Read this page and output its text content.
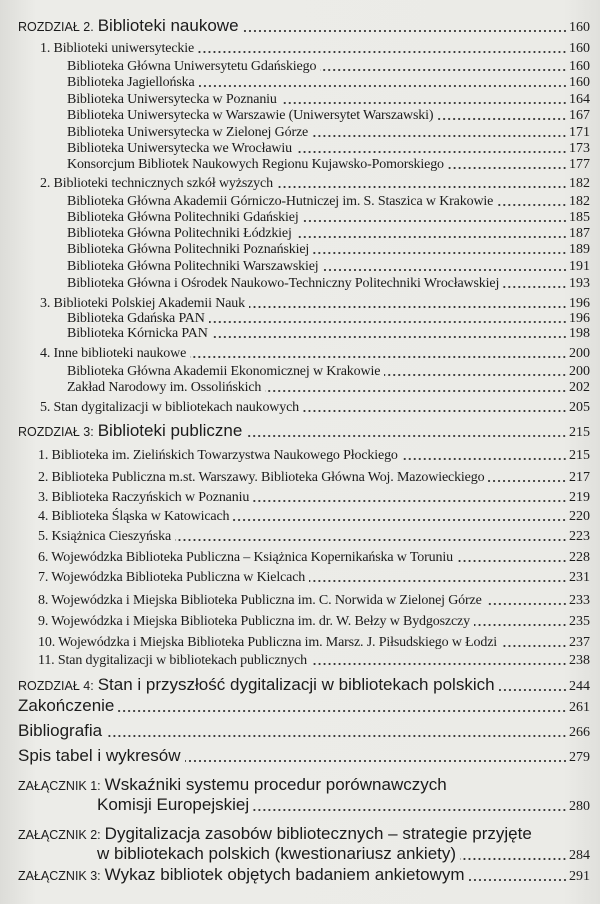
ROZDZIAŁ 2. Biblioteki naukowe	160
1. Biblioteki uniwersyteckie	160
Biblioteka Główna Uniwersytetu Gdańskiego	160
Biblioteka Jagiellońska	160
Biblioteka Uniwersytecka w Poznaniu	164
Biblioteka Uniwersytecka w Warszawie (Uniwersytet Warszawski)	167
Biblioteka Uniwersytecka w Zielonej Górze	171
Biblioteka Uniwersytecka we Wrocławiu	173
Konsorcjum Bibliotek Naukowych Regionu Kujawsko-Pomorskiego	177
2. Biblioteki technicznych szkół wyższych	182
Biblioteka Główna Akademii Górniczo-Hutniczej im. S. Staszica w Krakowie	182
Biblioteka Główna Politechniki Gdańskiej	185
Biblioteka Główna Politechniki Łódzkiej	187
Biblioteka Główna Politechniki Poznańskiej	189
Biblioteka Główna Politechniki Warszawskiej	191
Biblioteka Główna i Ośrodek Naukowo-Techniczny Politechniki Wrocławskiej	193
3. Biblioteki Polskiej Akademii Nauk	196
Biblioteka Gdańska PAN	196
Biblioteka Kórnicka PAN	198
4. Inne biblioteki naukowe	200
Biblioteka Główna Akademii Ekonomicznej w Krakowie	200
Zakład Narodowy im. Ossolińskich	202
5. Stan dygitalizacji w bibliotekach naukowych	205
ROZDZIAŁ 3: Biblioteki publiczne	215
1. Biblioteka im. Zielińskich Towarzystwa Naukowego Płockiego	215
2. Biblioteka Publiczna m.st. Warszawy. Biblioteka Główna Woj. Mazowieckiego	217
3. Biblioteka Raczyńskich w Poznaniu	219
4. Biblioteka Śląska w Katowicach	220
5. Książnica Cieszyńska	223
6. Wojewódzka Biblioteka Publiczna – Książnica Kopernikańska w Toruniu	228
7. Wojewódzka Biblioteka Publiczna w Kielcach	231
8. Wojewódzka i Miejska Biblioteka Publiczna im. C. Norwida w Zielonej Górze	233
9. Wojewódzka i Miejska Biblioteka Publiczna im. dr. W. Bełzy w Bydgoszczy	235
10. Wojewódzka i Miejska Biblioteka Publiczna im. Marsz. J. Piłsudskiego w Łodzi	237
11. Stan dygitalizacji w bibliotekach publicznych	238
ROZDZIAŁ 4: Stan i przyszłość dygitalizacji w bibliotekach polskich	244
Zakończenie	261
Bibliografia	266
Spis tabel i wykresów	279
ZAŁĄCZNIK 1: Wskaźniki systemu procedur porównawczych
Komisji Europejskiej	280
ZAŁĄCZNIK 2: Dygitalizacja zasobów bibliotecznych – strategie przyjęte
w bibliotekach polskich (kwestionariusz ankiety)	284
ZAŁĄCZNIK 3: Wykaz bibliotek objętych badaniem ankietowym	291
